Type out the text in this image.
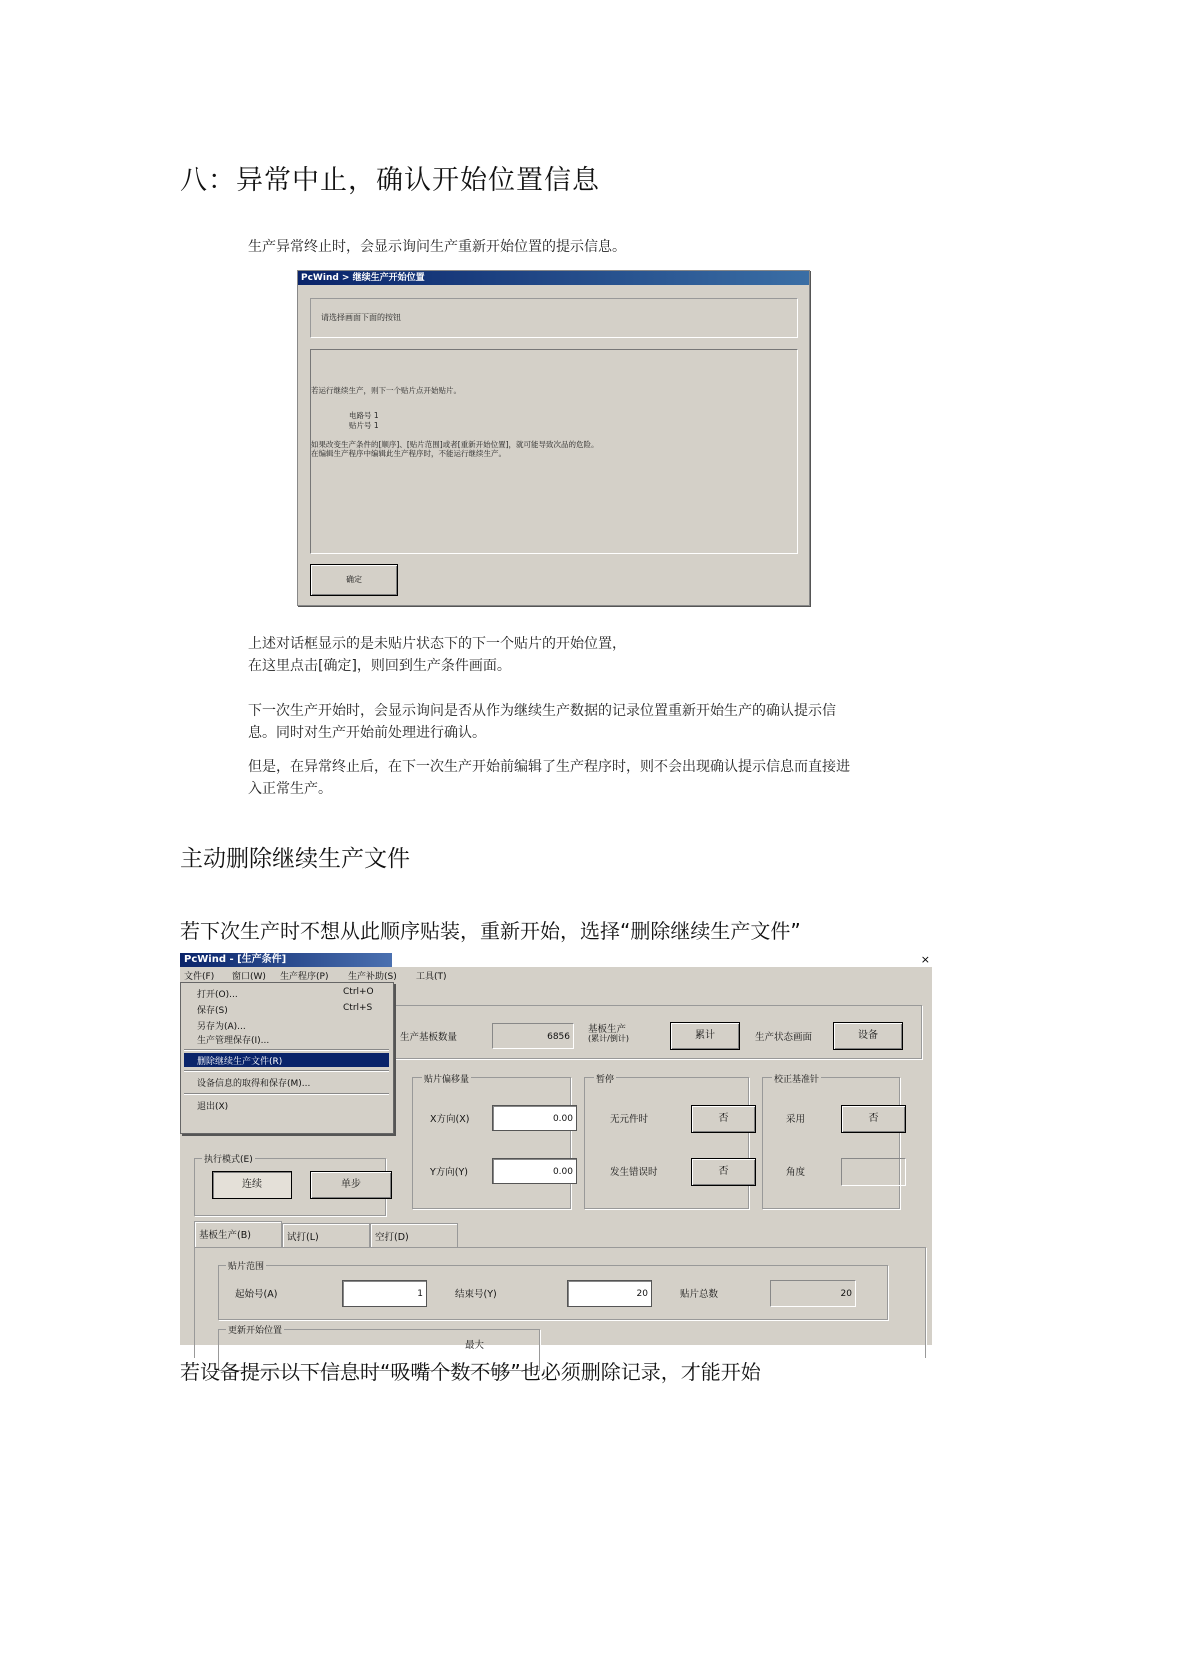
八：异常中止，确认开始位置信息
生产异常终止时，会显示询问生产重新开始位置的提示信息。
PcWind > 继续生产开始位置
请选择画面下面的按钮
若运行继续生产，则下一个贴片点开始贴片。
电路号 1
贴片号 1
如果改变生产条件的[顺序]、[贴片范围]或者[重新开始位置]，就可能导致次品的危险。
在编辑生产程序中编辑此生产程序时，不能运行继续生产。
确定
上述对话框显示的是未贴片状态下的下一个贴片的开始位置，
在这里点击[确定]，则回到生产条件画面。
下一次生产开始时，会显示询问是否从作为继续生产数据的记录位置重新开始生产的确认提示信
息。同时对生产开始前处理进行确认。
但是，在异常终止后，在下一次生产开始前编辑了生产程序时，则不会出现确认提示信息而直接进
入正常生产。
主动删除继续生产文件
若下次生产时不想从此顺序贴装，重新开始，选择“删除继续生产文件”
PcWind - [生产条件]	×
文件(F) 窗口(W) 生产程序(P) 生产补助(S) 工具(T)
生产基板数量	6856
基板生产
(累计/倒计)	累计	生产状态画面	设备
贴片偏移量
X方向(X)	0.00
Y方向(Y)	0.00
暂停
无元件时	否
发生错误时	否
校正基准针
采用	否
角度
执行模式(E)
连续	单步
基板生产(B)	试打(L)	空打(D)
贴片范围
起始号(A)	1	结束号(Y)	20	贴片总数	20
更新开始位置
最大
打开(O)...	Ctrl+O
保存(S)	Ctrl+S
另存为(A)...
生产管理保存(I)...
删除继续生产文件(R)
设备信息的取得和保存(M)...
退出(X)
若设备提示以下信息时“吸嘴个数不够”也必须删除记录，才能开始
